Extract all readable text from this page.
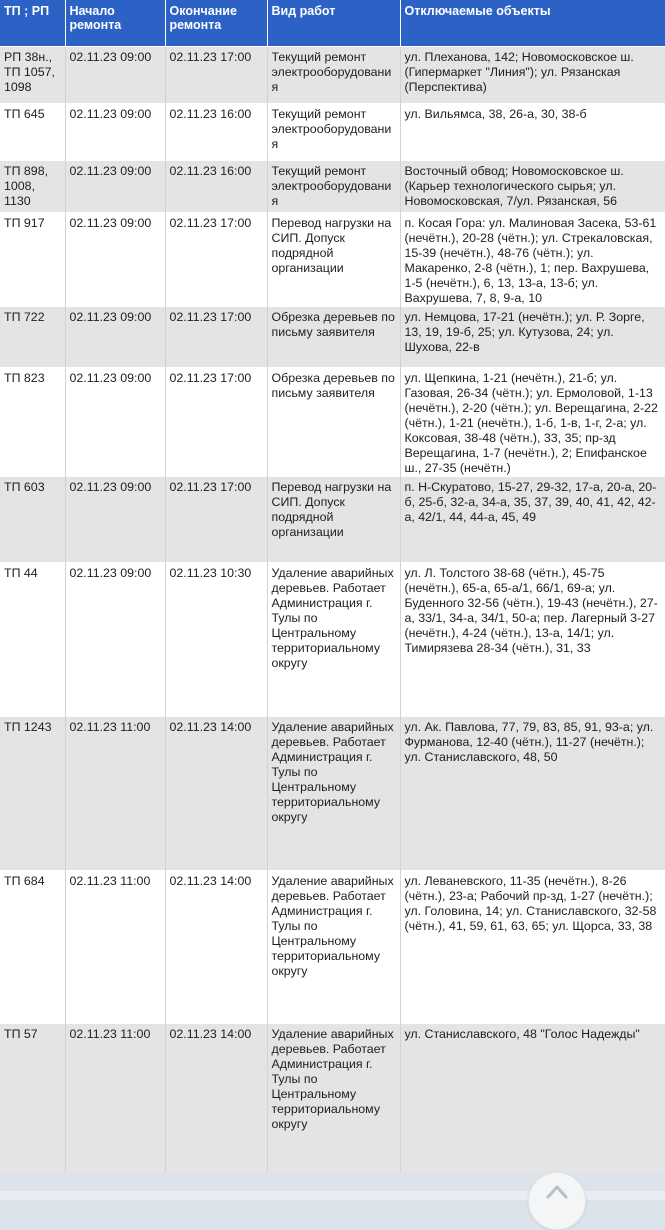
ТП ; РП	Начало ремонта	Окончание ремонта	Вид работ	Отключаемые объекты
РП 38н., ТП 1057, 1098	02.11.23 09:00	02.11.23 17:00	Текущий ремонт электрооборудования	ул. Плеханова, 142; Новомосковское ш. (Гипермаркет "Линия"); ул. Рязанская (Перспектива)
ТП 645	02.11.23 09:00	02.11.23 16:00	Текущий ремонт электрооборудования	ул. Вильямса, 38, 26-а, 30, 38-б
ТП 898, 1008, 1130	02.11.23 09:00	02.11.23 16:00	Текущий ремонт электрооборудования	Восточный обвод; Новомосковское ш. (Карьер технологического сырья; ул. Новомосковская, 7/ул. Рязанская, 56
ТП 917	02.11.23 09:00	02.11.23 17:00	Перевод нагрузки на СИП. Допуск подрядной организации	п. Косая Гора: ул. Малиновая Засека, 53-61 (нечётн.), 20-28 (чётн.); ул. Стрекаловская, 15-39 (нечётн.), 48-76 (чётн.); ул. Макаренко, 2-8 (чётн.), 1; пер. Вахрушева, 1-5 (нечётн.), 6, 13, 13-а, 13-б; ул. Вахрушева, 7, 8, 9-а, 10
ТП 722	02.11.23 09:00	02.11.23 17:00	Обрезка деревьев по письму заявителя	ул. Немцова, 17-21 (нечётн.); ул. Р. Зорге, 13, 19, 19-б, 25; ул. Кутузова, 24; ул. Шухова, 22-в
ТП 823	02.11.23 09:00	02.11.23 17:00	Обрезка деревьев по письму заявителя	ул. Щепкина, 1-21 (нечётн.), 21-б; ул. Газовая, 26-34 (чётн.); ул. Ермоловой, 1-13 (нечётн.), 2-20 (чётн.); ул. Верещагина, 2-22 (чётн.), 1-21 (нечётн.), 1-б, 1-в, 1-г, 2-а; ул. Коксовая, 38-48 (чётн.), 33, 35; пр-зд Верещагина, 1-7 (нечётн.), 2; Епифанское ш., 27-35 (нечётн.)
ТП 603	02.11.23 09:00	02.11.23 17:00	Перевод нагрузки на СИП. Допуск подрядной организации	п. Н-Скуратово, 15-27, 29-32, 17-а, 20-а, 20-б, 25-б, 32-а, 34-а, 35, 37, 39, 40, 41, 42, 42-а, 42/1, 44, 44-а, 45, 49
ТП 44	02.11.23 09:00	02.11.23 10:30	Удаление аварийных деревьев. Работает Администрация г. Тулы по Центральному территориальному округу	ул. Л. Толстого 38-68 (чётн.), 45-75 (нечётн.), 65-а, 65-а/1, 66/1, 69-а; ул. Буденного 32-56 (чётн.), 19-43 (нечётн.), 27-а, 33/1, 34-а, 34/1, 50-а; пер. Лагерный 3-27 (нечётн.), 4-24 (чётн.), 13-а, 14/1; ул. Тимирязева 28-34 (чётн.), 31, 33
ТП 1243	02.11.23 11:00	02.11.23 14:00	Удаление аварийных деревьев. Работает Администрация г. Тулы по Центральному территориальному округу	ул. Ак. Павлова, 77, 79, 83, 85, 91, 93-а; ул. Фурманова, 12-40 (чётн.), 11-27 (нечётн.); ул. Станиславского, 48, 50
ТП 684	02.11.23 11:00	02.11.23 14:00	Удаление аварийных деревьев. Работает Администрация г. Тулы по Центральному территориальному округу	ул. Леваневского, 11-35 (нечётн.), 8-26 (чётн.), 23-а; Рабочий пр-зд, 1-27 (нечётн.); ул. Головина, 14; ул. Станиславского, 32-58 (чётн.), 41, 59, 61, 63, 65; ул. Щорса, 33, 38
ТП 57	02.11.23 11:00	02.11.23 14:00	Удаление аварийных деревьев. Работает Администрация г. Тулы по Центральному территориальному округу	ул. Станиславского, 48 "Голос Надежды"
